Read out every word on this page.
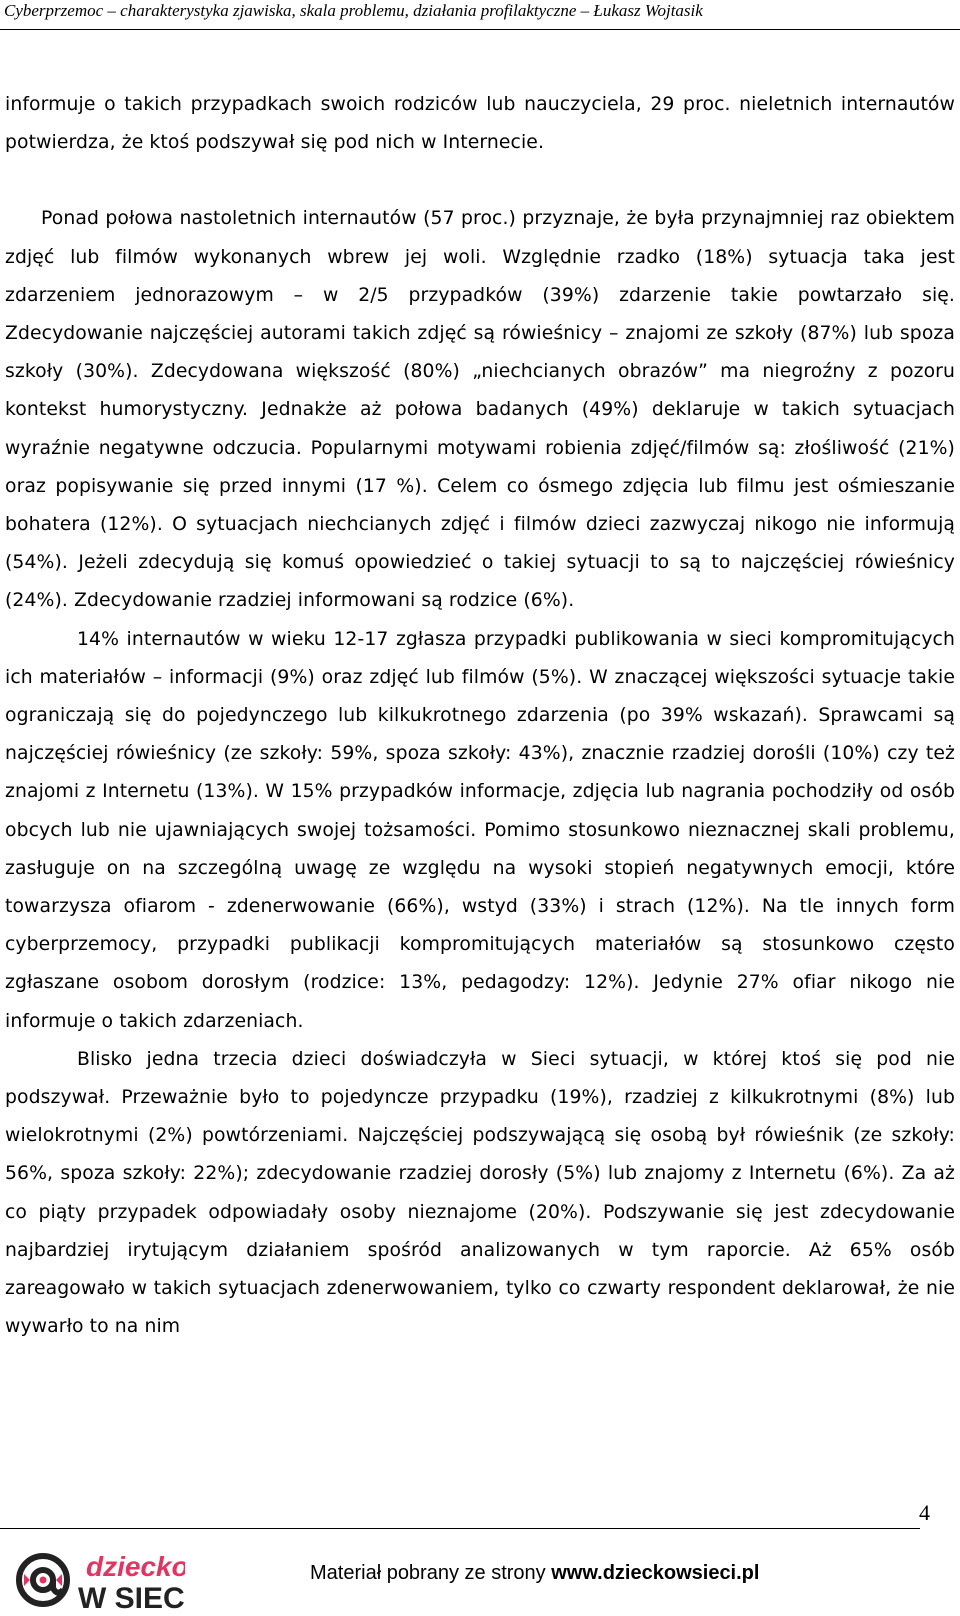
Cyberprzemoc – charakterystyka zjawiska, skala problemu, działania profilaktyczne – Łukasz Wojtasik

informuje o takich przypadkach swoich rodziców lub nauczyciela, 29 proc. nieletnich internautów potwierdza, że ktoś podszywał się pod nich w Internecie.

Ponad połowa nastoletnich internautów (57 proc.) przyznaje, że była przynajmniej raz obiektem zdjęć lub filmów wykonanych wbrew jej woli. Względnie rzadko (18%) sytuacja taka jest zdarzeniem jednorazowym – w 2/5 przypadków (39%) zdarzenie takie powtarzało się. Zdecydowanie najczęściej autorami takich zdjęć są rówieśnicy – znajomi ze szkoły (87%) lub spoza szkoły (30%). Zdecydowana większość (80%) „niechcianych obrazów” ma niegroźny z pozoru kontekst humorystyczny. Jednakże aż połowa badanych (49%) deklaruje w takich sytuacjach wyraźnie negatywne odczucia. Popularnymi motywami robienia zdjęć/filmów są: złośliwość (21%) oraz popisywanie się przed innymi (17 %). Celem co ósmego zdjęcia lub filmu jest ośmieszanie bohatera (12%). O sytuacjach niechcianych zdjęć i filmów dzieci zazwyczaj nikogo nie informują (54%). Jeżeli zdecydują się komuś opowiedzieć o takiej sytuacji to są to najczęściej rówieśnicy (24%). Zdecydowanie rzadziej informowani są rodzice (6%).

14% internautów w wieku 12-17 zgłasza przypadki publikowania w sieci kompromitujących ich materiałów – informacji (9%) oraz zdjęć lub filmów (5%). W znaczącej większości sytuacje takie ograniczają się do pojedynczego lub kilkukrotnego zdarzenia (po 39% wskazań). Sprawcami są najczęściej rówieśnicy (ze szkoły: 59%, spoza szkoły: 43%), znacznie rzadziej dorośli (10%) czy też znajomi z Internetu (13%). W 15% przypadków informacje, zdjęcia lub nagrania pochodziły od osób obcych lub nie ujawniających swojej tożsamości. Pomimo stosunkowo nieznacznej skali problemu, zasługuje on na szczególną uwagę ze względu na wysoki stopień negatywnych emocji, które towarzysza ofiarom - zdenerwowanie (66%), wstyd (33%) i strach (12%). Na tle innych form cyberprzemocy, przypadki publikacji kompromitujących materiałów są stosunkowo często zgłaszane osobom dorosłym (rodzice: 13%, pedagodzy: 12%). Jedynie 27% ofiar nikogo nie informuje o takich zdarzeniach.

Blisko jedna trzecia dzieci doświadczyła w Sieci sytuacji, w której ktoś się pod nie podszywał. Przeważnie było to pojedyncze przypadku (19%), rzadziej z kilkukrotnymi (8%) lub wielokrotnymi (2%) powtórzeniami. Najczęściej podszywającą się osobą był rówieśnik (ze szkoły: 56%, spoza szkoły: 22%); zdecydowanie rzadziej dorosły (5%) lub znajomy z Internetu (6%). Za aż co piąty przypadek odpowiadały osoby nieznajome (20%). Podszywanie się jest zdecydowanie najbardziej irytującym działaniem spośród analizowanych w tym raporcie. Aż 65% osób zareagowało w takich sytuacjach zdenerwowaniem, tylko co czwarty respondent deklarował, że nie wywarło to na nim

4
dziecko
W SIECI
Materiał pobrany ze strony www.dzieckowsieci.pl
